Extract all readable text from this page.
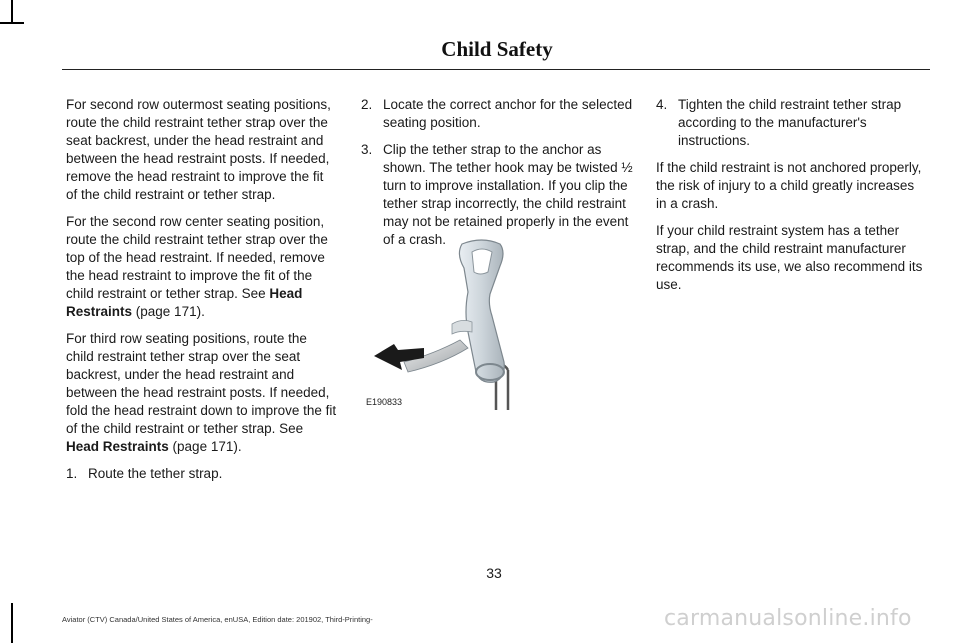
Child Safety

For second row outermost seating positions, route the child restraint tether strap over the seat backrest, under the head restraint and between the head restraint posts. If needed, remove the head restraint to improve the fit of the child restraint or tether strap.

For the second row center seating position, route the child restraint tether strap over the top of the head restraint. If needed, remove the head restraint to improve the fit of the child restraint or tether strap. See Head Restraints (page 171).

For third row seating positions, route the child restraint tether strap over the seat backrest, under the head restraint and between the head restraint posts. If needed, fold the head restraint down to improve the fit of the child restraint or tether strap. See Head Restraints (page 171).

1. Route the tether strap.
2. Locate the correct anchor for the selected seating position.
3. Clip the tether strap to the anchor as shown. The tether hook may be twisted ½ turn to improve installation. If you clip the tether strap incorrectly, the child restraint may not be retained properly in the event of a crash.
E190833
4. Tighten the child restraint tether strap according to the manufacturer's instructions.

If the child restraint is not anchored properly, the risk of injury to a child greatly increases in a crash.

If your child restraint system has a tether strap, and the child restraint manufacturer recommends its use, we also recommend its use.

33
Aviator (CTV) Canada/United States of America, enUSA, Edition date: 201902, Third-Printing-	carmanualsonline.info
